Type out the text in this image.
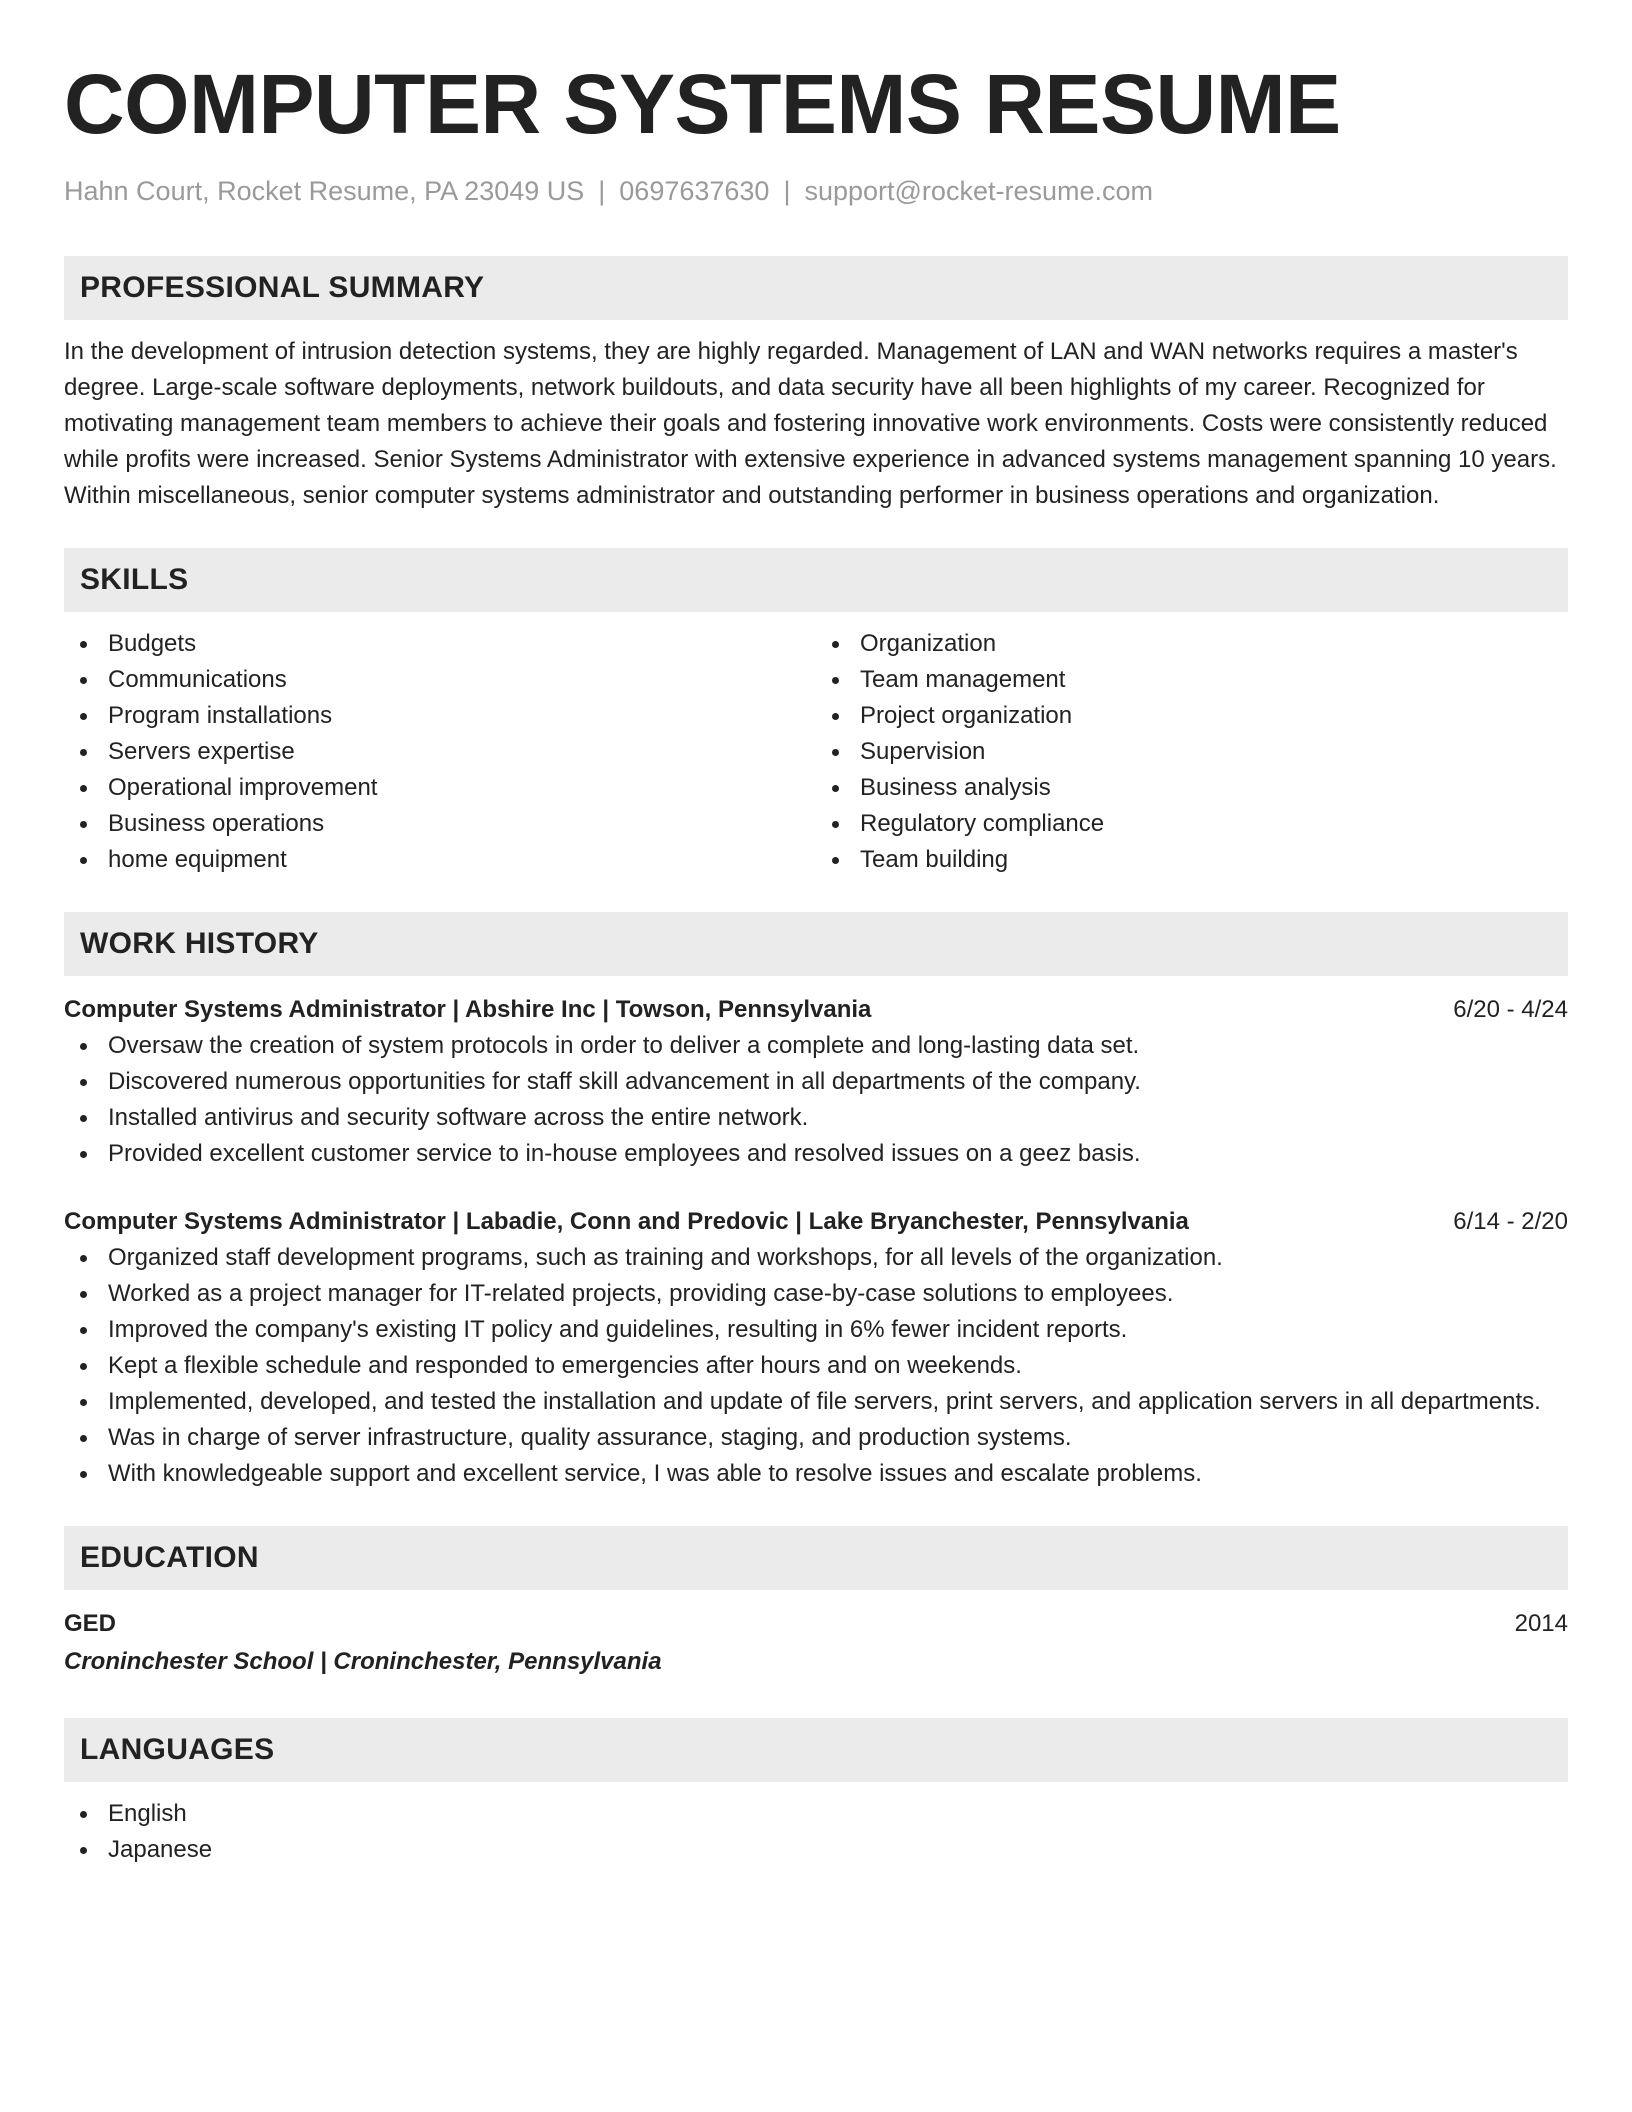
COMPUTER SYSTEMS RESUME
Hahn Court, Rocket Resume, PA 23049 US | 0697637630 | support@rocket-resume.com
PROFESSIONAL SUMMARY
In the development of intrusion detection systems, they are highly regarded. Management of LAN and WAN networks requires a master's degree. Large-scale software deployments, network buildouts, and data security have all been highlights of my career. Recognized for motivating management team members to achieve their goals and fostering innovative work environments. Costs were consistently reduced while profits were increased. Senior Systems Administrator with extensive experience in advanced systems management spanning 10 years. Within miscellaneous, senior computer systems administrator and outstanding performer in business operations and organization.
SKILLS
Budgets
Communications
Program installations
Servers expertise
Operational improvement
Business operations
home equipment
Organization
Team management
Project organization
Supervision
Business analysis
Regulatory compliance
Team building
WORK HISTORY
Computer Systems Administrator | Abshire Inc | Towson, Pennsylvania	6/20 - 4/24
Oversaw the creation of system protocols in order to deliver a complete and long-lasting data set.
Discovered numerous opportunities for staff skill advancement in all departments of the company.
Installed antivirus and security software across the entire network.
Provided excellent customer service to in-house employees and resolved issues on a geez basis.
Computer Systems Administrator | Labadie, Conn and Predovic | Lake Bryanchester, Pennsylvania	6/14 - 2/20
Organized staff development programs, such as training and workshops, for all levels of the organization.
Worked as a project manager for IT-related projects, providing case-by-case solutions to employees.
Improved the company's existing IT policy and guidelines, resulting in 6% fewer incident reports.
Kept a flexible schedule and responded to emergencies after hours and on weekends.
Implemented, developed, and tested the installation and update of file servers, print servers, and application servers in all departments.
Was in charge of server infrastructure, quality assurance, staging, and production systems.
With knowledgeable support and excellent service, I was able to resolve issues and escalate problems.
EDUCATION
GED	2014
Croninchester School | Croninchester, Pennsylvania
LANGUAGES
English
Japanese
